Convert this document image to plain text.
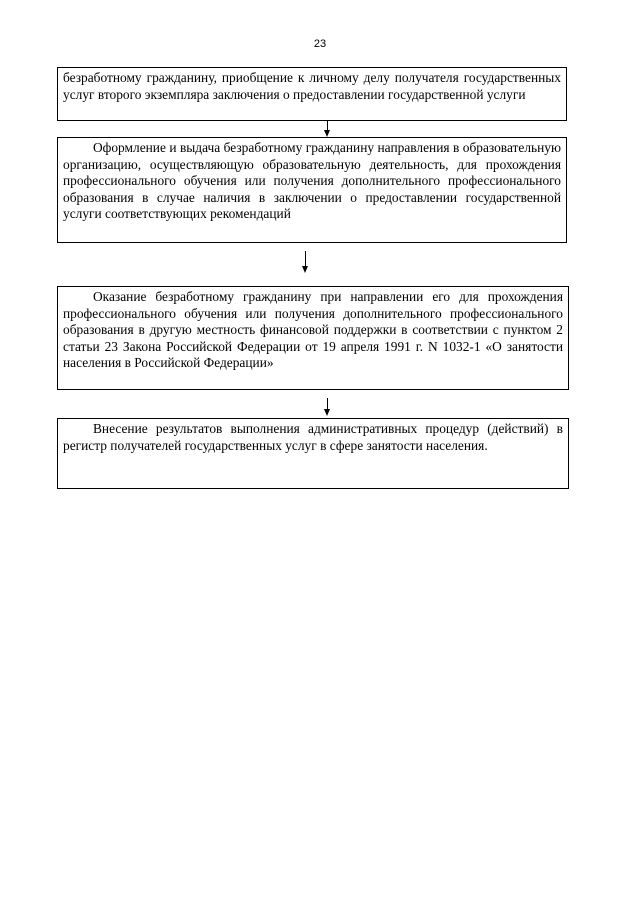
23
безработному гражданину, приобщение к личному делу получателя государственных услуг второго экземпляра заключения о предоставлении государственной услуги
Оформление и выдача безработному гражданину направления в образовательную организацию, осуществляющую образовательную деятельность, для прохождения профессионального обучения или получения дополнительного профессионального образования в случае наличия в заключении о предоставлении государственной услуги соответствующих рекомендаций
Оказание безработному гражданину при направлении его для прохождения профессионального обучения или получения дополнительного профессионального образования в другую местность финансовой поддержки в соответствии с пунктом 2 статьи 23 Закона Российской Федерации от 19 апреля 1991 г. N 1032-1 «О занятости населения в Российской Федерации»
Внесение результатов выполнения административных процедур (действий) в регистр получателей государственных услуг в сфере занятости населения.
